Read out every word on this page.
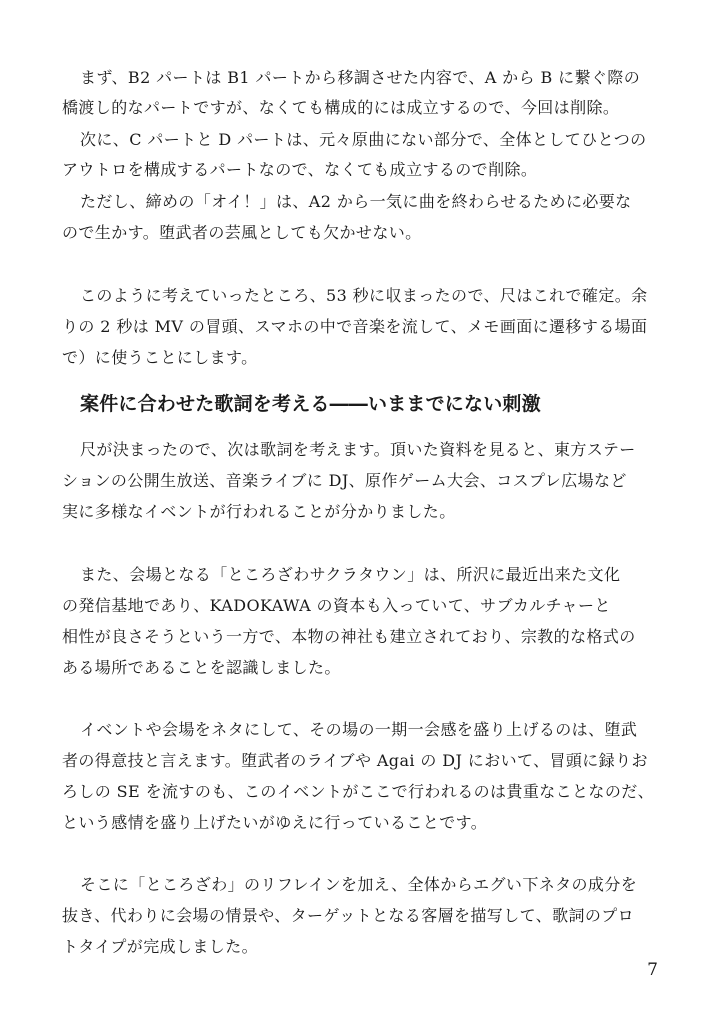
まず、B2 パートは B1 パートから移調させた内容で、A から B に繋ぐ際の
橋渡し的なパートですが、なくても構成的には成立するので、今回は削除。
次に、C パートと D パートは、元々原曲にない部分で、全体としてひとつの
アウトロを構成するパートなので、なくても成立するので削除。
ただし、締めの「オイ！」は、A2 から一気に曲を終わらせるために必要な
ので生かす。堕武者の芸風としても欠かせない。
このように考えていったところ、53 秒に収まったので、尺はこれで確定。余
りの 2 秒は MV の冒頭、スマホの中で音楽を流して、メモ画面に遷移する場面
で）に使うことにします。
案件に合わせた歌詞を考える――いままでにない刺激
尺が決まったので、次は歌詞を考えます。頂いた資料を見ると、東方ステー
ションの公開生放送、音楽ライブに DJ、原作ゲーム大会、コスプレ広場など
実に多様なイベントが行われることが分かりました。
また、会場となる「ところざわサクラタウン」は、所沢に最近出来た文化
の発信基地であり、KADOKAWA の資本も入っていて、サブカルチャーと
相性が良さそうという一方で、本物の神社も建立されており、宗教的な格式の
ある場所であることを認識しました。
イベントや会場をネタにして、その場の一期一会感を盛り上げるのは、堕武
者の得意技と言えます。堕武者のライブや Agai の DJ において、冒頭に録りお
ろしの SE を流すのも、このイベントがここで行われるのは貴重なことなのだ、
という感情を盛り上げたいがゆえに行っていることです。
そこに「ところざわ」のリフレインを加え、全体からエグい下ネタの成分を
抜き、代わりに会場の情景や、ターゲットとなる客層を描写して、歌詞のプロ
トタイプが完成しました。
7
